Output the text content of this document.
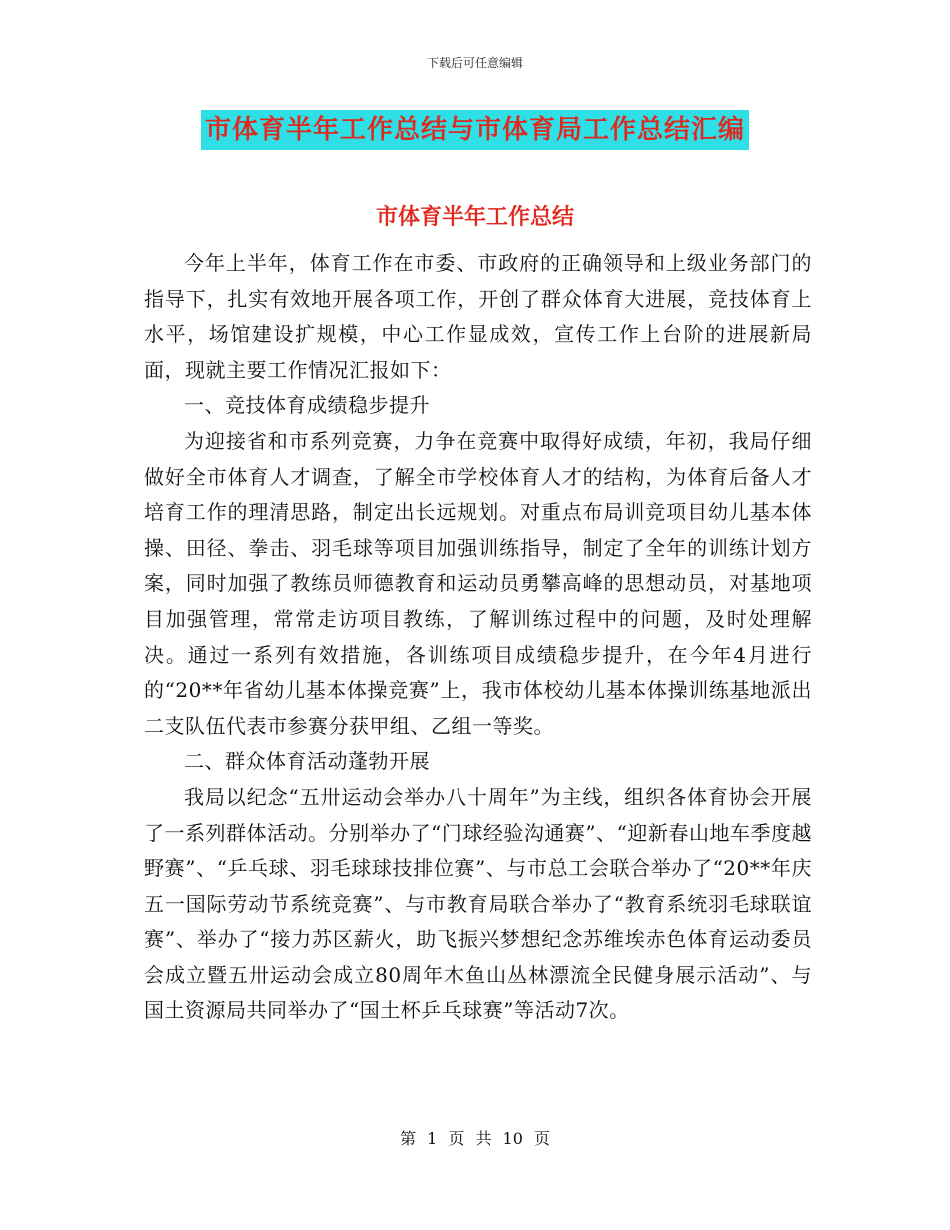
下载后可任意编辑
市体育半年工作总结与市体育局工作总结汇编
市体育半年工作总结

今年上半年，体育工作在市委、市政府的正确领导和上级业务部门的指导下，扎实有效地开展各项工作，开创了群众体育大进展，竞技体育上水平，场馆建设扩规模，中心工作显成效，宣传工作上台阶的进展新局面，现就主要工作情况汇报如下：

一、竞技体育成绩稳步提升

为迎接省和市系列竞赛，力争在竞赛中取得好成绩，年初，我局仔细做好全市体育人才调查，了解全市学校体育人才的结构，为体育后备人才培育工作的理清思路，制定出长远规划。对重点布局训竞项目幼儿基本体操、田径、拳击、羽毛球等项目加强训练指导，制定了全年的训练计划方案，同时加强了教练员师德教育和运动员勇攀高峰的思想动员，对基地项目加强管理，常常走访项目教练，了解训练过程中的问题，及时处理解决。通过一系列有效措施，各训练项目成绩稳步提升，在今年4月进行的“20**年省幼儿基本体操竞赛”上，我市体校幼儿基本体操训练基地派出二支队伍代表市参赛分获甲组、乙组一等奖。

二、群众体育活动蓬勃开展

我局以纪念“五卅运动会举办八十周年”为主线，组织各体育协会开展了一系列群体活动。分别举办了“门球经验沟通赛”、“迎新春山地车季度越野赛”、“乒乓球、羽毛球球技排位赛”、与市总工会联合举办了“20**年庆五一国际劳动节系统竞赛”、与市教育局联合举办了“教育系统羽毛球联谊赛”、举办了“接力苏区薪火，助飞振兴梦想纪念苏维埃赤色体育运动委员会成立暨五卅运动会成立80周年木鱼山丛林漂流全民健身展示活动”、与国土资源局共同举办了“国土杯乒乓球赛”等活动7次。

第 1 页 共 10 页
